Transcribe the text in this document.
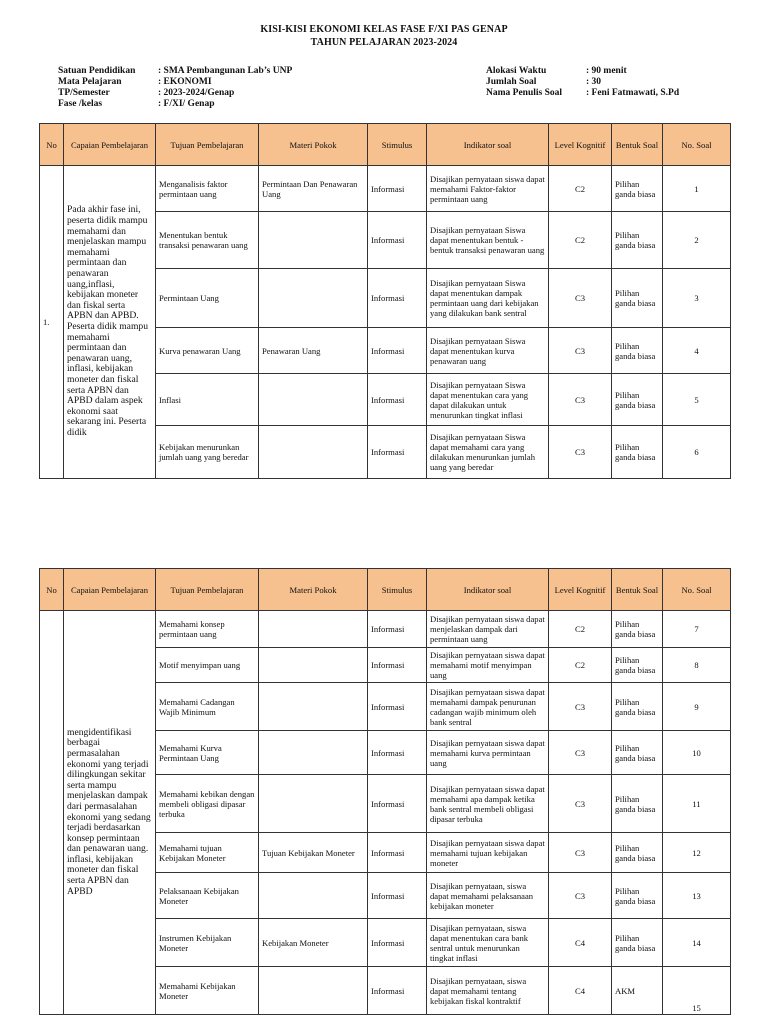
KISI-KISI EKONOMI KELAS FASE F/XI PAS GENAP
TAHUN PELAJARAN 2023-2024
Satuan Pendidikan : SMA Pembangunan Lab’s UNP
Mata Pelajaran	: EKONOMI
TP/Semester	: 2023-2024/Genap
Fase /kelas	: F/XI/ Genap
Alokasi Waktu	: 90 menit
Jumlah Soal	: 30
Nama Penulis Soal	: Feni Fatmawati, S.Pd
No	Capaian Pembelajaran	Tujuan Pembelajaran	Materi Pokok	Stimulus	Indikator soal	Level Kognitif	Bentuk Soal	No. Soal
1.	Pada akhir fase ini, peserta didik mampu memahami dan menjelaskan mampu memahami permintaan dan penawaran uang,inflasi, kebijakan moneter dan fiskal serta APBN dan APBD. Peserta didik mampu memahami permintaan dan penawaran uang, inflasi, kebijakan moneter dan fiskal serta APBN dan APBD dalam aspek ekonomi saat sekarang ini. Peserta didik	Menganalisis faktor permintaan uang	Permintaan Dan Penawaran Uang	Informasi	Disajikan pernyataan siswa dapat memahami Faktor-faktor permintaan uang	C2	Pilihan ganda biasa	1
		Menentukan bentuk transaksi penawaran uang		Informasi	Disajikan pernyataan Siswa dapat menentukan bentuk - bentuk transaksi penawaran uang	C2	Pilihan ganda biasa	2
		Permintaan Uang		Informasi	Disajikan pernyataan Siswa dapat menentukan dampak permintaan uang dari kebijakan yang dilakukan bank sentral	C3	Pilihan ganda biasa	3
		Kurva penawaran Uang	Penawaran Uang	Informasi	Disajikan pernyataan Siswa dapat menentukan kurva penawaran uang	C3	Pilihan ganda biasa	4
		Inflasi		Informasi	Disajikan pernyataan Siswa dapat menentukan cara yang dapat dilakukan untuk menurunkan tingkat inflasi	C3	Pilihan ganda biasa	5
		Kebijakan menurunkan jumlah uang yang beredar		Informasi	Disajikan pernyataan Siswa dapat memahami cara yang dilakukan menurunkan jumlah uang yang beredar	C3	Pilihan ganda biasa	6
No	Capaian Pembelajaran	Tujuan Pembelajaran	Materi Pokok	Stimulus	Indikator soal	Level Kognitif	Bentuk Soal	No. Soal
	mengidentifikasi berbagai permasalahan ekonomi yang terjadi dilingkungan sekitar serta mampu menjelaskan dampak dari permasalahan ekonomi yang sedang terjadi berdasarkan konsep permintaan dan penawaran uang. inflasi, kebijakan moneter dan fiskal serta APBN dan APBD	Memahami konsep permintaan uang		Informasi	Disajikan pernyataan siswa dapat menjelaskan dampak dari permintaan uang	C2	Pilihan ganda biasa	7
		Motif menyimpan uang		Informasi	Disajikan pernyataan siswa dapat memahami motif menyimpan uang	C2	Pilihan ganda biasa	8
		Memahami Cadangan Wajib Minimum		Informasi	Disajikan pernyataan siswa dapat memahami dampak penurunan cadangan wajib minimum oleh bank sentral	C3	Pilihan ganda biasa	9
		Memahami Kurva Permintaan Uang		Informasi	Disajikan pernyataan siswa dapat memahami kurva permintaan uang	C3	Pilihan ganda biasa	10
		Memahami kebikan dengan membeli obligasi dipasar terbuka		Informasi	Disajikan pernyataan siswa dapat memahami apa dampak ketika bank sentral membeli obligasi dipasar terbuka	C3	Pilihan ganda biasa	11
		Memahami tujuan Kebijakan Moneter	Tujuan Kebijakan Moneter	Informasi	Disajikan pernyataan siswa dapat memahami tujuan kebijakan moneter	C3	Pilihan ganda biasa	12
		Pelaksanaan Kebijakan Moneter		Informasi	Disajikan pernyataan, siswa dapat memahami pelaksanaan kebijakan moneter	C3	Pilihan ganda biasa	13
		Instrumen Kebijakan Moneter	Kebijakan Moneter	Informasi	Disajikan pernyataan, siswa dapat menentukan cara bank sentral untuk menurunkan tingkat inflasi	C4	Pilihan ganda biasa	14
		Memahami Kebijakan Moneter		Informasi	Disajikan pernyataan, siswa dapat memahami tentang kebijakan fiskal kontraktif	C4	AKM	15
